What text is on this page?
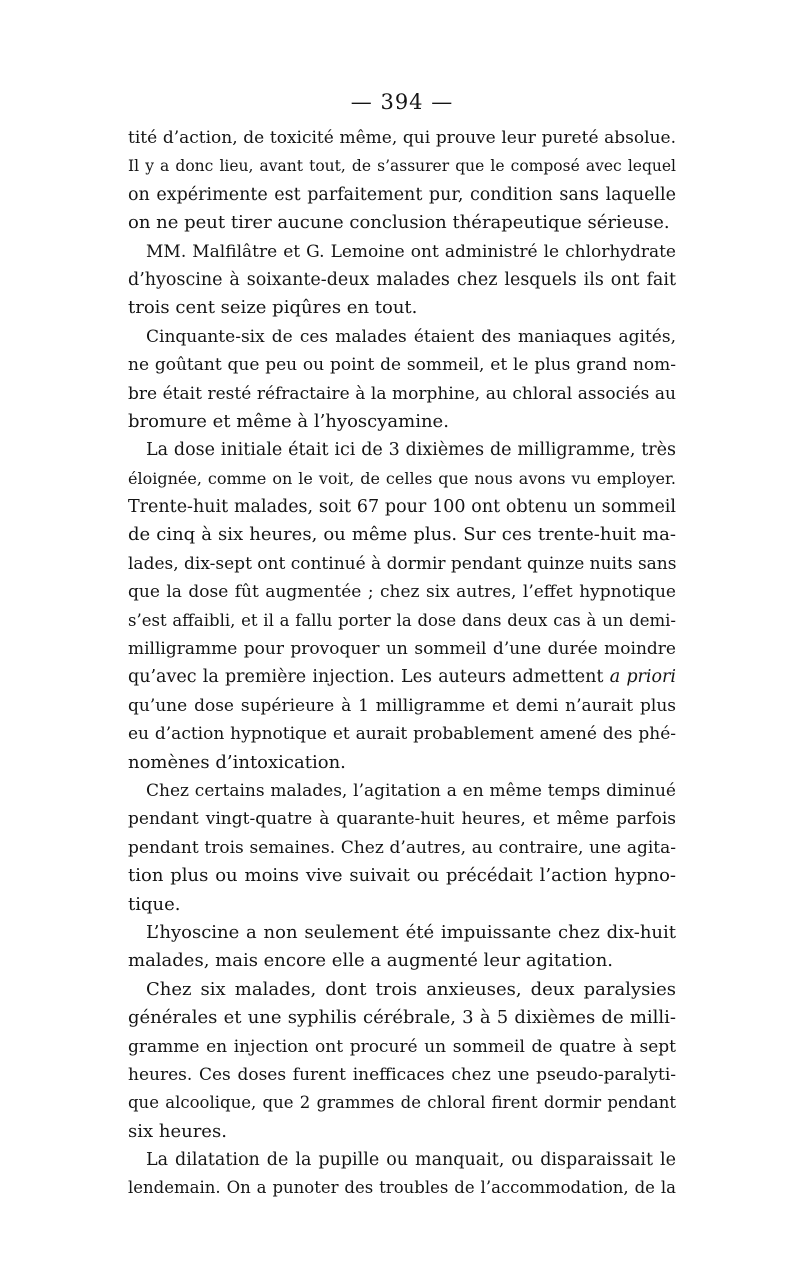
— 394 —
tité d’action, de toxicité même, qui prouve leur pureté absolue.
Il y a donc lieu, avant tout, de s’assurer que le composé avec lequel
on expérimente est parfaitement pur, condition sans laquelle
on ne peut tirer aucune conclusion thérapeutique sérieuse.
MM. Malfilâtre et G. Lemoine ont administré le chlorhydrate
d’hyoscine à soixante-deux malades chez lesquels ils ont fait
trois cent seize piqûres en tout.
Cinquante-six de ces malades étaient des maniaques agités,
ne goûtant que peu ou point de sommeil, et le plus grand nom-
bre était resté réfractaire à la morphine, au chloral associés au
bromure et même à l’hyoscyamine.
La dose initiale était ici de 3 dixièmes de milligramme, très
éloignée, comme on le voit, de celles que nous avons vu employer.
Trente-huit malades, soit 67 pour 100 ont obtenu un sommeil
de cinq à six heures, ou même plus. Sur ces trente-huit ma-
lades, dix-sept ont continué à dormir pendant quinze nuits sans
que la dose fût augmentée ; chez six autres, l’effet hypnotique
s’est affaibli, et il a fallu porter la dose dans deux cas à un demi-
milligramme pour provoquer un sommeil d’une durée moindre
qu’avec la première injection. Les auteurs admettent a priori
qu’une dose supérieure à 1 milligramme et demi n’aurait plus
eu d’action hypnotique et aurait probablement amené des phé-
nomènes d’intoxication.
Chez certains malades, l’agitation a en même temps diminué
pendant vingt-quatre à quarante-huit heures, et même parfois
pendant trois semaines. Chez d’autres, au contraire, une agita-
tion plus ou moins vive suivait ou précédait l’action hypno-
tique.
L’hyoscine a non seulement été impuissante chez dix-huit
malades, mais encore elle a augmenté leur agitation.
Chez six malades, dont trois anxieuses, deux paralysies
générales et une syphilis cérébrale, 3 à 5 dixièmes de milli-
gramme en injection ont procuré un sommeil de quatre à sept
heures. Ces doses furent inefficaces chez une pseudo-paralyti-
que alcoolique, que 2 grammes de chloral firent dormir pendant
six heures.
La dilatation de la pupille ou manquait, ou disparaissait le
lendemain. On a punoter des troubles de l’accommodation, de la
